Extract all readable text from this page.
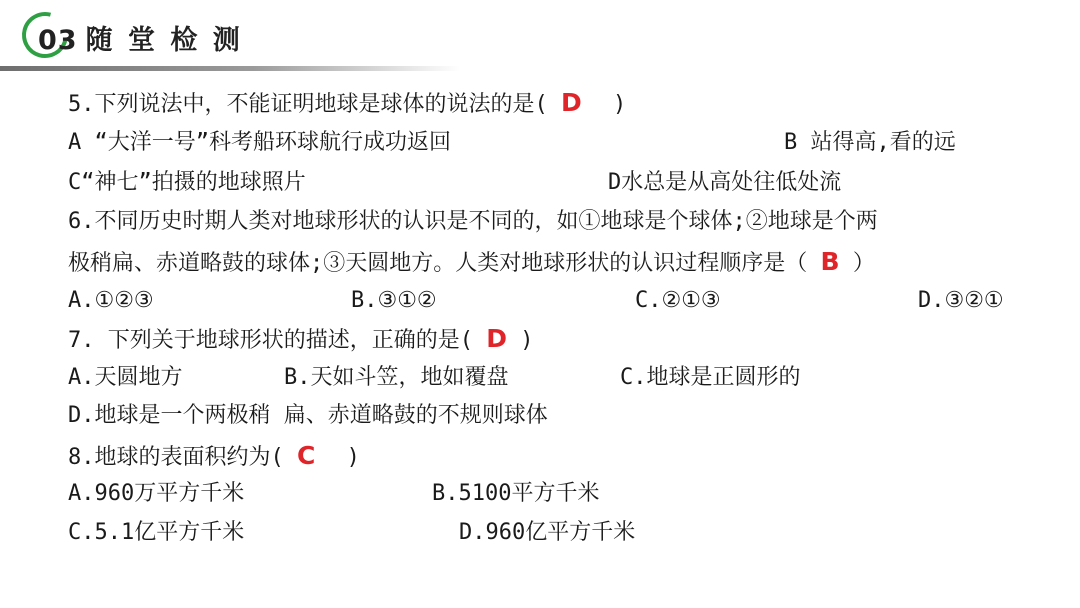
03 随 堂 检 测
5.下列说法中，不能证明地球是球体的说法的是( D )
A “大洋一号”科考船环球航行成功返回	B 站得高,看的远
C“神七”拍摄的地球照片	D水总是从高处往低处流
6.不同历史时期人类对地球形状的认识是不同的，如①地球是个球体;②地球是个两
极稍扁、赤道略鼓的球体;③天圆地方。人类对地球形状的认识过程顺序是（ B ）
A.①②③	B.③①②	C.②①③	D.③②①
7. 下列关于地球形状的描述，正确的是( D )
A.天圆地方	B.天如斗笠，地如覆盘	C.地球是正圆形的
D.地球是一个两极稍 扁、赤道略鼓的不规则球体
8.地球的表面积约为( C )
A.960万平方千米	B.5100平方千米
C.5.1亿平方千米	D.960亿平方千米
